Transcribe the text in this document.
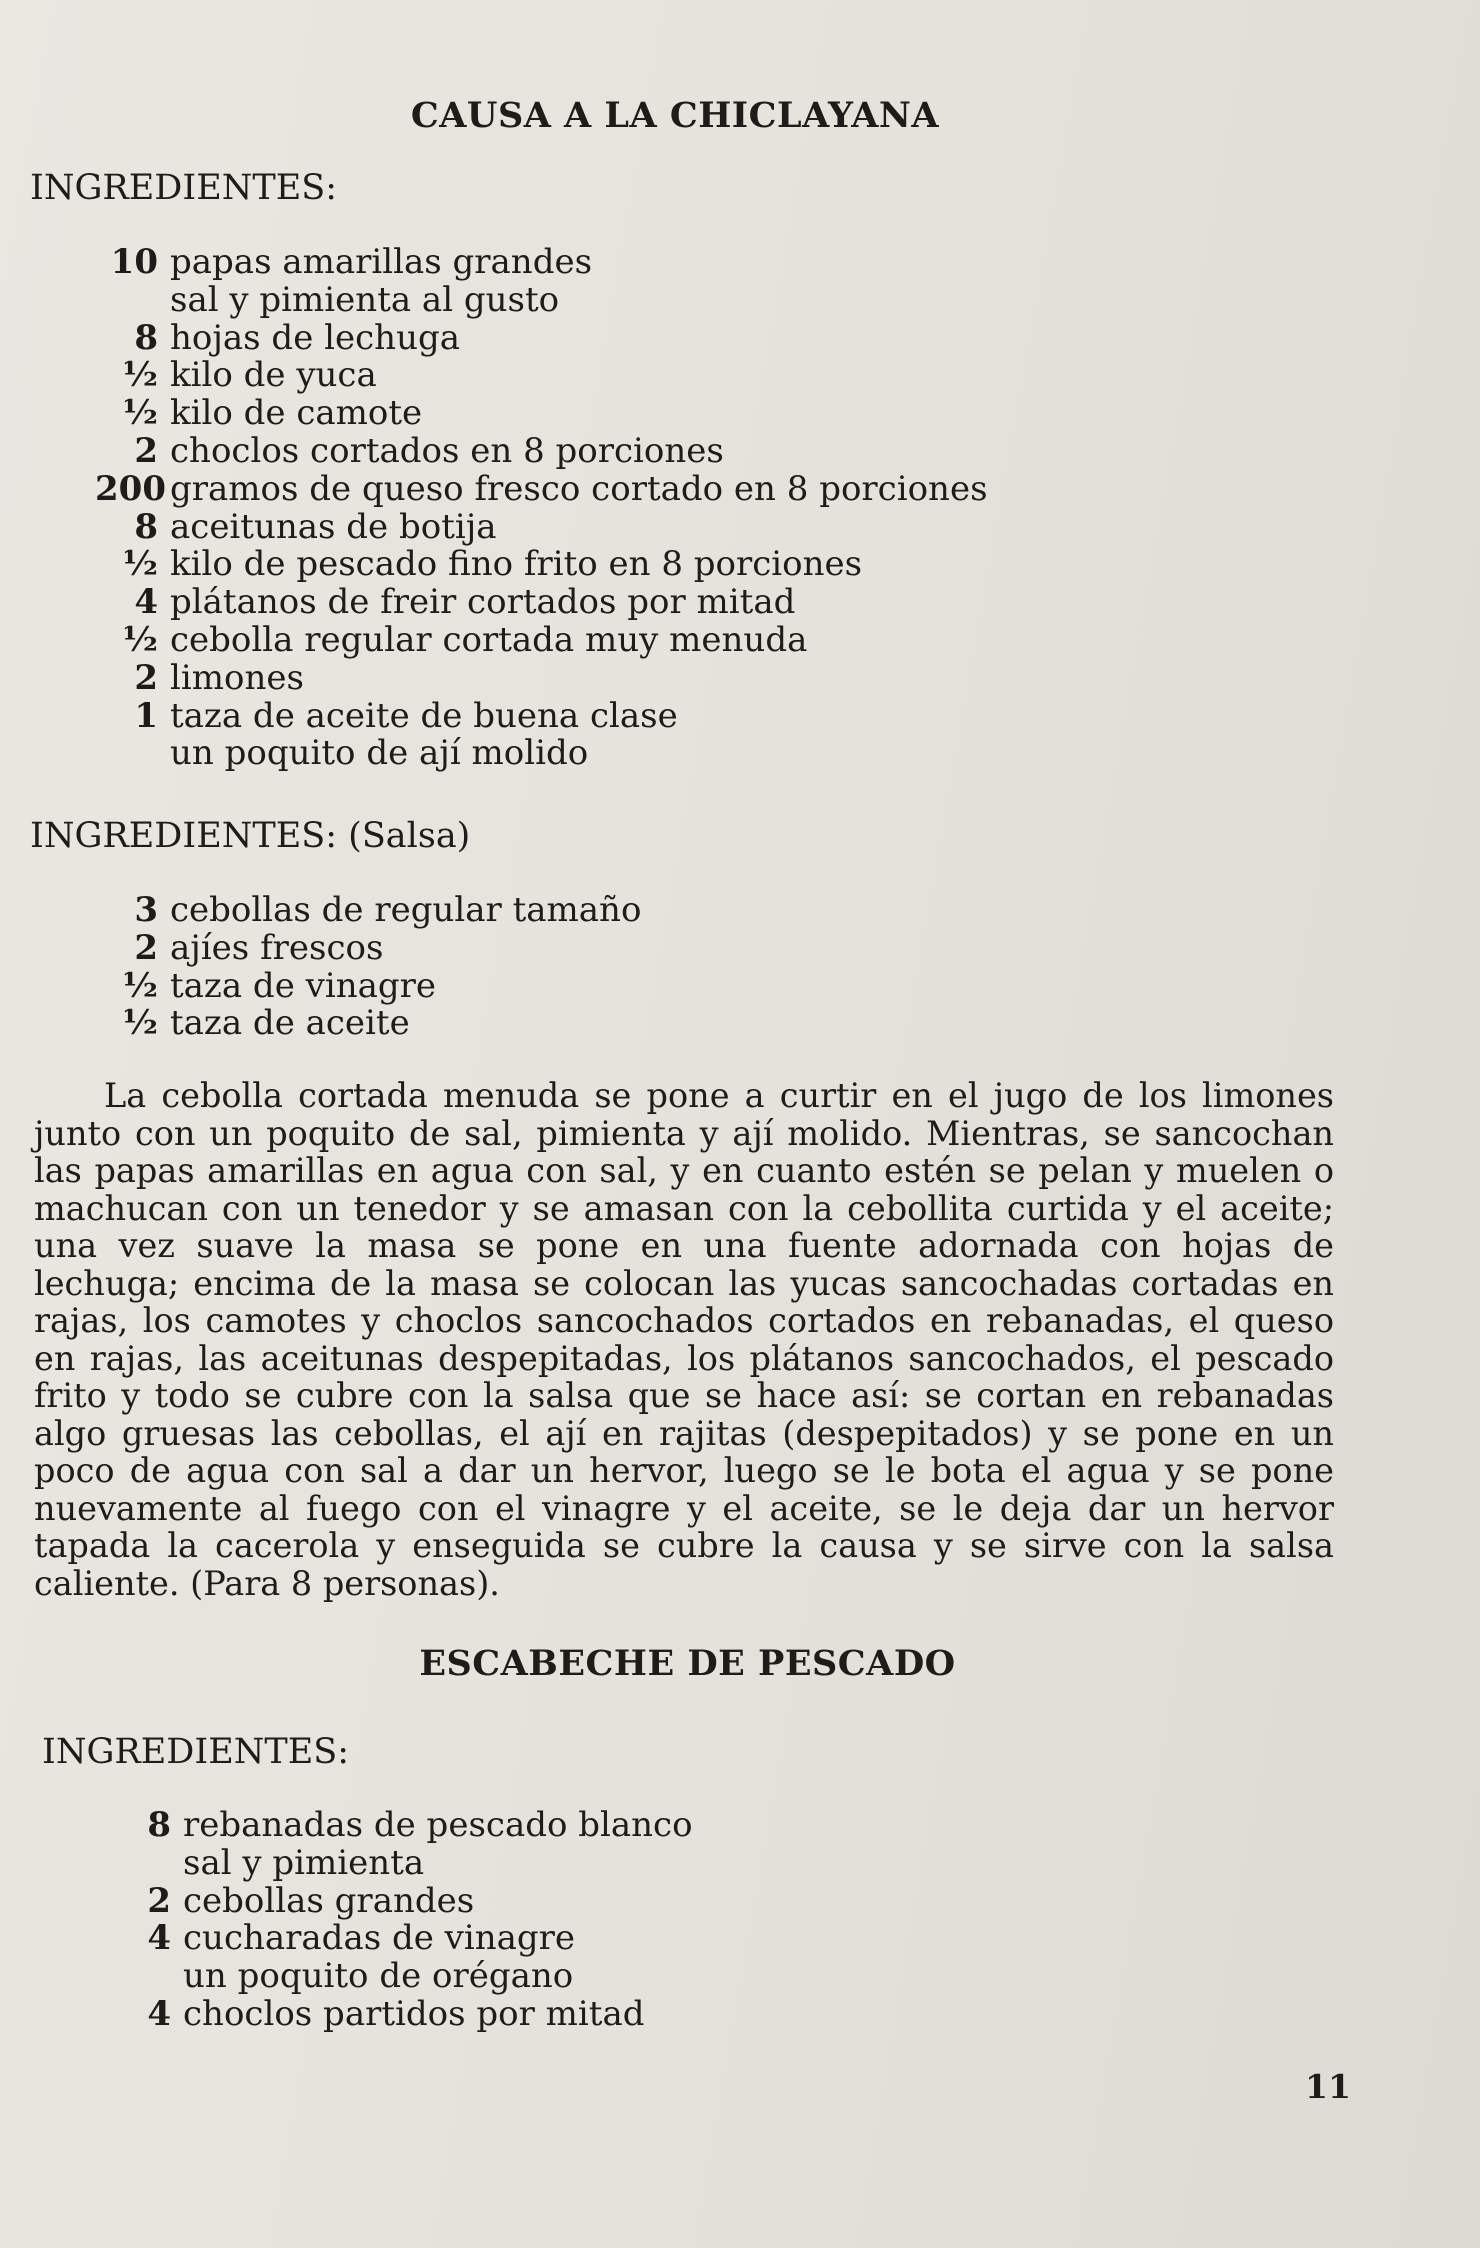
CAUSA A LA CHICLAYANA
INGREDIENTES:
10 papas amarillas grandes
sal y pimienta al gusto
8 hojas de lechuga
½ kilo de yuca
½ kilo de camote
2 choclos cortados en 8 porciones
200 gramos de queso fresco cortado en 8 porciones
8 aceitunas de botija
½ kilo de pescado fino frito en 8 porciones
4 plátanos de freir cortados por mitad
½ cebolla regular cortada muy menuda
2 limones
1 taza de aceite de buena clase
un poquito de ají molido
INGREDIENTES: (Salsa)
3 cebollas de regular tamaño
2 ajíes frescos
½ taza de vinagre
½ taza de aceite

La cebolla cortada menuda se pone a curtir en el jugo de los limones junto con un poquito de sal, pimienta y ají molido. Mientras, se sancochan las papas amarillas en agua con sal, y en cuanto estén se pelan y muelen o machucan con un tenedor y se amasan con la cebollita curtida y el aceite; una vez suave la masa se pone en una fuente adornada con hojas de lechuga; encima de la masa se colocan las yucas sancochadas cortadas en rajas, los camotes y choclos sancochados cortados en rebanadas, el queso en rajas, las aceitunas despepitadas, los plátanos sancochados, el pescado frito y todo se cubre con la salsa que se hace así: se cortan en rebanadas algo gruesas las cebollas, el ají en rajitas (despepitados) y se pone en un poco de agua con sal a dar un hervor, luego se le bota el agua y se pone nuevamente al fuego con el vinagre y el aceite, se le deja dar un hervor tapada la cacerola y enseguida se cubre la causa y se sirve con la salsa caliente. (Para 8 personas).

ESCABECHE DE PESCADO
INGREDIENTES:
8 rebanadas de pescado blanco
sal y pimienta
2 cebollas grandes
4 cucharadas de vinagre
un poquito de orégano
4 choclos partidos por mitad
11
